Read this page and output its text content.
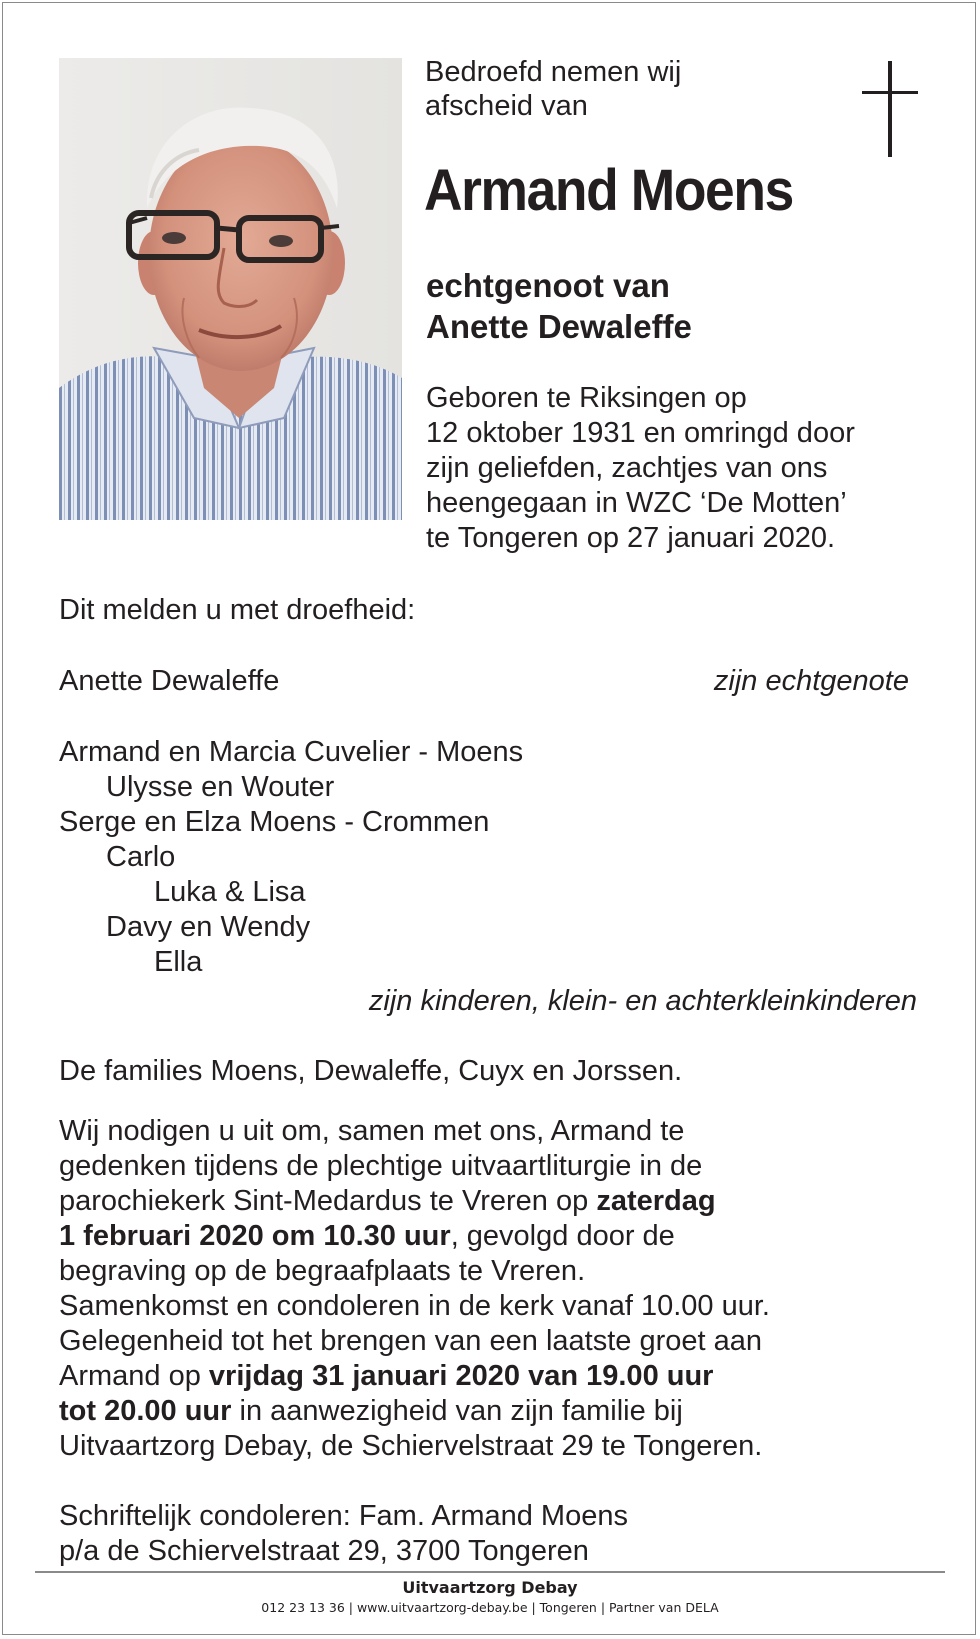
Bedroefd nemen wij
afscheid van
Armand Moens
echtgenoot van
Anette Dewaleffe
Geboren te Riksingen op
12 oktober 1931 en omringd door
zijn geliefden, zachtjes van ons
heengegaan in WZC ‘De Motten’
te Tongeren op 27 januari 2020.
Dit melden u met droefheid:
Anette Dewaleffe	zijn echtgenote
Armand en Marcia Cuvelier - Moens
Ulysse en Wouter
Serge en Elza Moens - Crommen
Carlo
Luka & Lisa
Davy en Wendy
Ella
zijn kinderen, klein- en achterkleinkinderen
De families Moens, Dewaleffe, Cuyx en Jorssen.
Wij nodigen u uit om, samen met ons, Armand te
gedenken tijdens de plechtige uitvaartliturgie in de
parochiekerk Sint-Medardus te Vreren op zaterdag
1 februari 2020 om 10.30 uur, gevolgd door de
begraving op de begraafplaats te Vreren.
Samenkomst en condoleren in de kerk vanaf 10.00 uur.
Gelegenheid tot het brengen van een laatste groet aan
Armand op vrijdag 31 januari 2020 van 19.00 uur
tot 20.00 uur in aanwezigheid van zijn familie bij
Uitvaartzorg Debay, de Schiervelstraat 29 te Tongeren.
Schriftelijk condoleren: Fam. Armand Moens
p/a de Schiervelstraat 29, 3700 Tongeren
Uitvaartzorg Debay
012 23 13 36 | www.uitvaartzorg-debay.be | Tongeren | Partner van DELA
